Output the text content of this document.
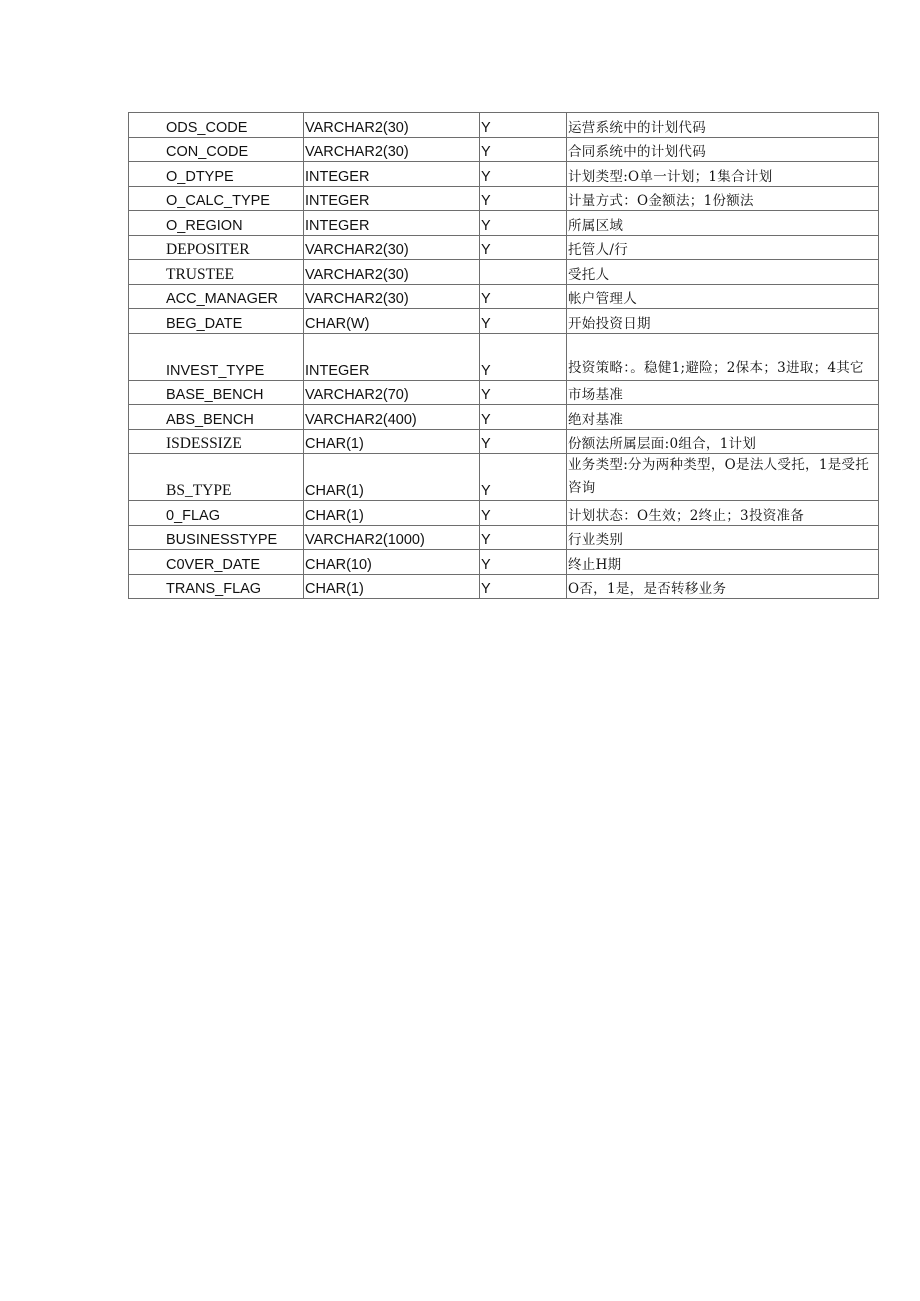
ODS_CODE	VARCHAR2(30)	Y	运营系统中的计划代码
CON_CODE	VARCHAR2(30)	Y	合同系统中的计划代码
O_DTYPE	INTEGER	Y	计划类型:O单一计划；1集合计划
O_CALC_TYPE	INTEGER	Y	计量方式：O金额法；1份额法
O_REGION	INTEGER	Y	所属区域
DEPOSITER	VARCHAR2(30)	Y	托管人/行
TRUSTEE	VARCHAR2(30)		受托人
ACC_MANAGER	VARCHAR2(30)	Y	帐户管理人
BEG_DATE	CHAR(W)	Y	开始投资日期
INVEST_TYPE	INTEGER	Y	投资策略：。稳健1;避险；2保本；3进取；4其它
BASE_BENCH	VARCHAR2(70)	Y	市场基准
ABS_BENCH	VARCHAR2(400)	Y	绝对基准
ISDESSIZE	CHAR(1)	Y	份额法所属层面:0组合，1计划
BS_TYPE	CHAR(1)	Y	业务类型:分为两种类型，O是法人受托，1是受托咨询
0_FLAG	CHAR(1)	Y	计划状态：O生效；2终止；3投资准备
BUSINESSTYPE	VARCHAR2(1000)	Y	行业类别
C0VER_DATE	CHAR(10)	Y	终止H期
TRANS_FLAG	CHAR(1)	Y	O否，1是，是否转移业务
